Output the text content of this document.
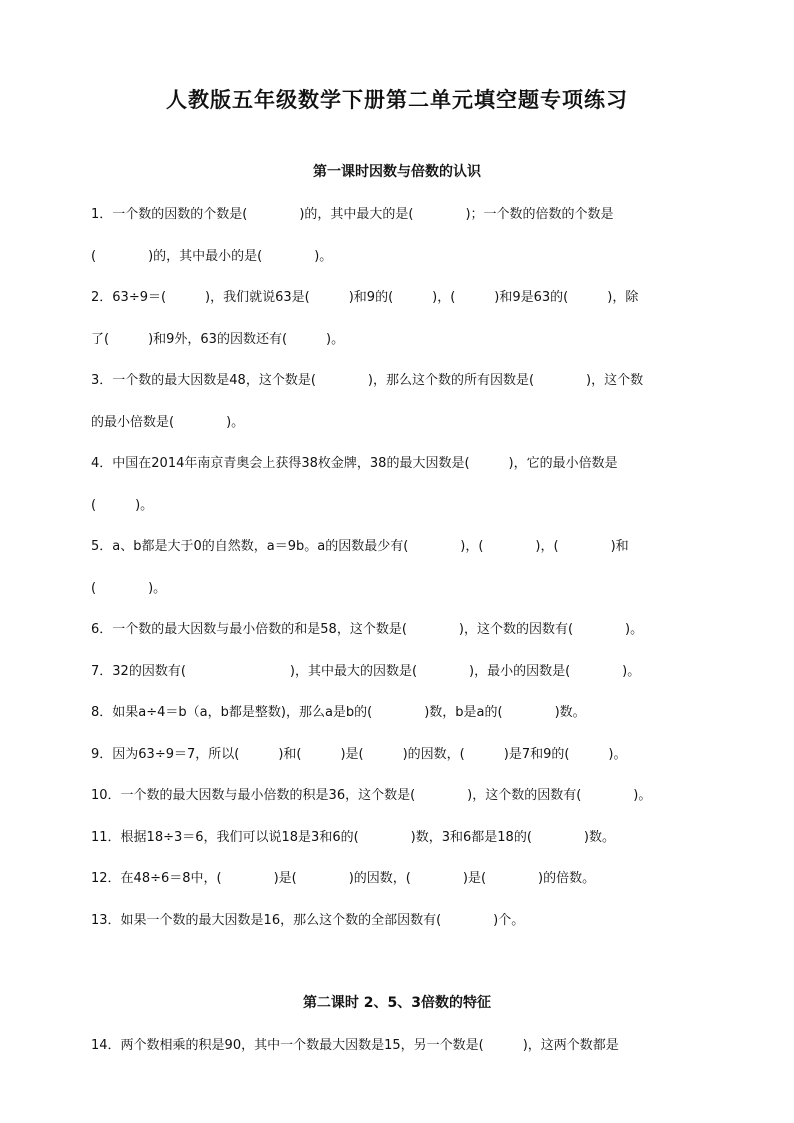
人教版五年级数学下册第二单元填空题专项练习
第一课时因数与倍数的认识
1．一个数的因数的个数是(　　　　)的，其中最大的是(　　　　)；一个数的倍数的个数是
(　　　　)的，其中最小的是(　　　　)。
2．63÷9＝(　　　)，我们就说63是(　　　)和9的(　　　)，(　　　)和9是63的(　　　)，除
了(　　　)和9外，63的因数还有(　　　)。
3．一个数的最大因数是48，这个数是(　　　　)，那么这个数的所有因数是(　　　　)，这个数
的最小倍数是(　　　　)。
4．中国在2014年南京青奥会上获得38枚金牌，38的最大因数是(　　　)，它的最小倍数是
(　　　)。
5．a、b都是大于0的自然数，a＝9b。a的因数最少有(　　　　)，(　　　　)，(　　　　)和
(　　　　)。
6．一个数的最大因数与最小倍数的和是58，这个数是(　　　　)，这个数的因数有(　　　　)。
7．32的因数有(　　　　　　　　)，其中最大的因数是(　　　　)，最小的因数是(　　　　)。
8．如果a÷4＝b（a，b都是整数)，那么a是b的(　　　　)数，b是a的(　　　　)数。
9．因为63÷9＝7，所以(　　　)和(　　　)是(　　　)的因数，(　　　)是7和9的(　　　)。
10．一个数的最大因数与最小倍数的积是36，这个数是(　　　　)，这个数的因数有(　　　　)。
11．根据18÷3＝6，我们可以说18是3和6的(　　　　)数，3和6都是18的(　　　　)数。
12．在48÷6＝8中，(　　　　)是(　　　　)的因数，(　　　　)是(　　　　)的倍数。
13．如果一个数的最大因数是16，那么这个数的全部因数有(　　　　)个。
第二课时 2、5、3倍数的特征
14．两个数相乘的积是90，其中一个数最大因数是15，另一个数是(　　　)，这两个数都是
